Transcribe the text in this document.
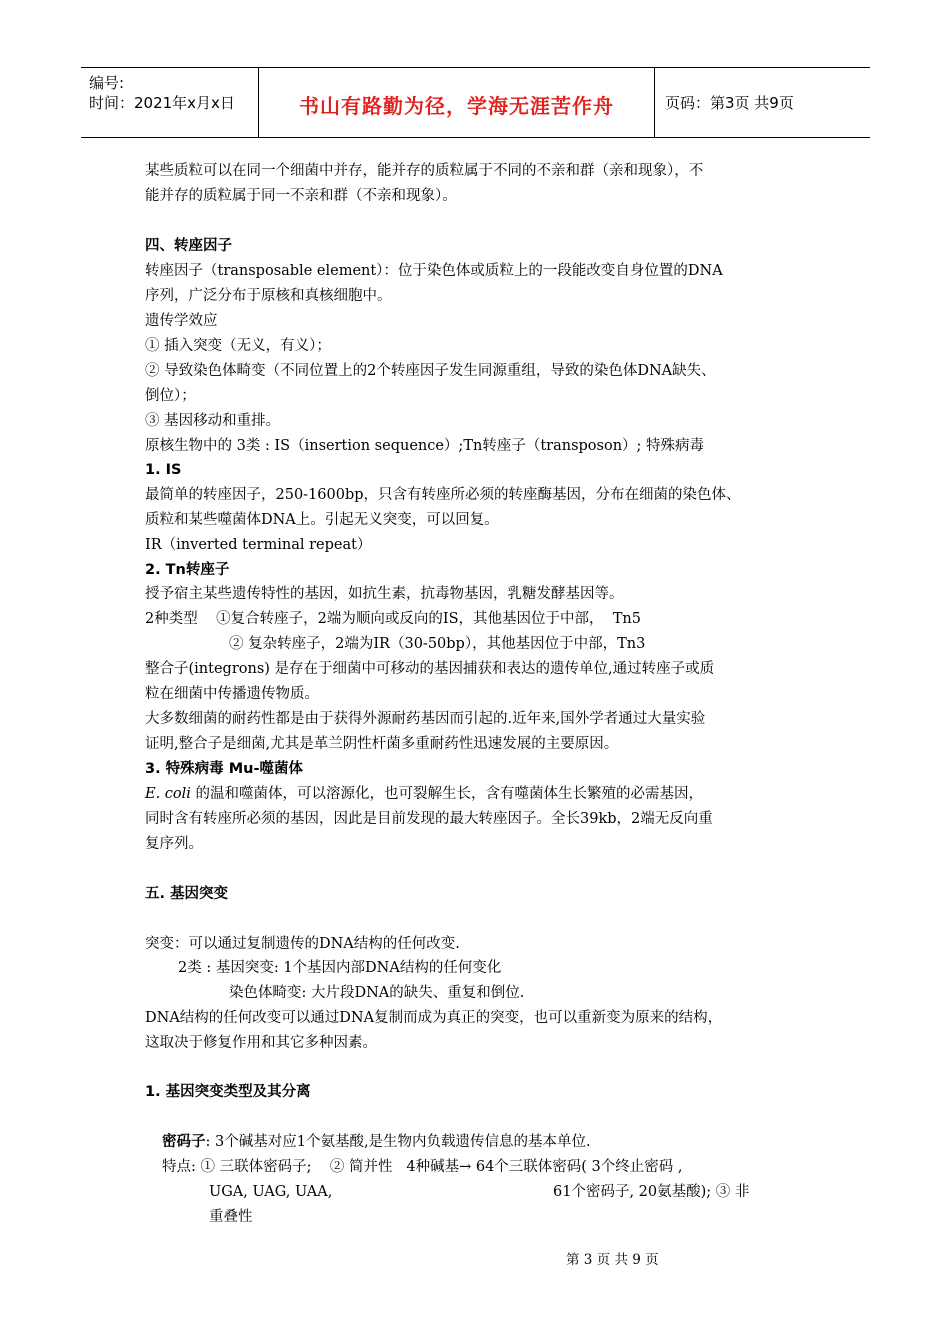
编号:
时间：2021年x月x日	书山有路勤为径，学海无涯苦作舟	页码：第3页 共9页
某些质粒可以在同一个细菌中并存，能并存的质粒属于不同的不亲和群（亲和现象），不
能并存的质粒属于同一不亲和群（不亲和现象）。
四、转座因子
转座因子（transposable element）：位于染色体或质粒上的一段能改变自身位置的DNA
序列，广泛分布于原核和真核细胞中。
遗传学效应
① 插入突变（无义，有义）；
② 导致染色体畸变（不同位置上的2个转座因子发生同源重组，导致的染色体DNA缺失、
倒位）；
③ 基因移动和重排。
原核生物中的 3类 : IS（insertion sequence）;Tn转座子（transposon）; 特殊病毒
1. IS
最简单的转座因子，250-1600bp，只含有转座所必须的转座酶基因，分布在细菌的染色体、
质粒和某些噬菌体DNA上。引起无义突变，可以回复。
IR（inverted terminal repeat）
2. Tn转座子
授予宿主某些遗传特性的基因，如抗生素，抗毒物基因，乳糖发酵基因等。
2种类型    ①复合转座子，2端为顺向或反向的IS，其他基因位于中部，  Tn5
② 复杂转座子，2端为IR（30-50bp），其他基因位于中部，Tn3
整合子(integrons) 是存在于细菌中可移动的基因捕获和表达的遗传单位,通过转座子或质
粒在细菌中传播遗传物质。
大多数细菌的耐药性都是由于获得外源耐药基因而引起的.近年来,国外学者通过大量实验
证明,整合子是细菌,尤其是革兰阴性杆菌多重耐药性迅速发展的主要原因。
3. 特殊病毒 Mu-噬菌体
E. coli 的温和噬菌体，可以溶源化，也可裂解生长，含有噬菌体生长繁殖的必需基因，
同时含有转座所必须的基因，因此是目前发现的最大转座因子。全长39kb，2端无反向重
复序列。
五. 基因突变
突变：可以通过复制遗传的DNA结构的任何改变.
2类 : 基因突变: 1个基因内部DNA结构的任何变化
染色体畸变: 大片段DNA的缺失、重复和倒位.
DNA结构的任何改变可以通过DNA复制而成为真正的突变，也可以重新变为原来的结构，
这取决于修复作用和其它多种因素。
1. 基因突变类型及其分离
密码子: 3个碱基对应1个氨基酸,是生物内负载遗传信息的基本单位.
特点: ① 三联体密码子;    ② 简并性   4种碱基→ 64个三联体密码( 3个终止密码 ,
UGA, UAG, UAA,	61个密码子, 20氨基酸); ③ 非
重叠性
第 3 页 共 9 页
